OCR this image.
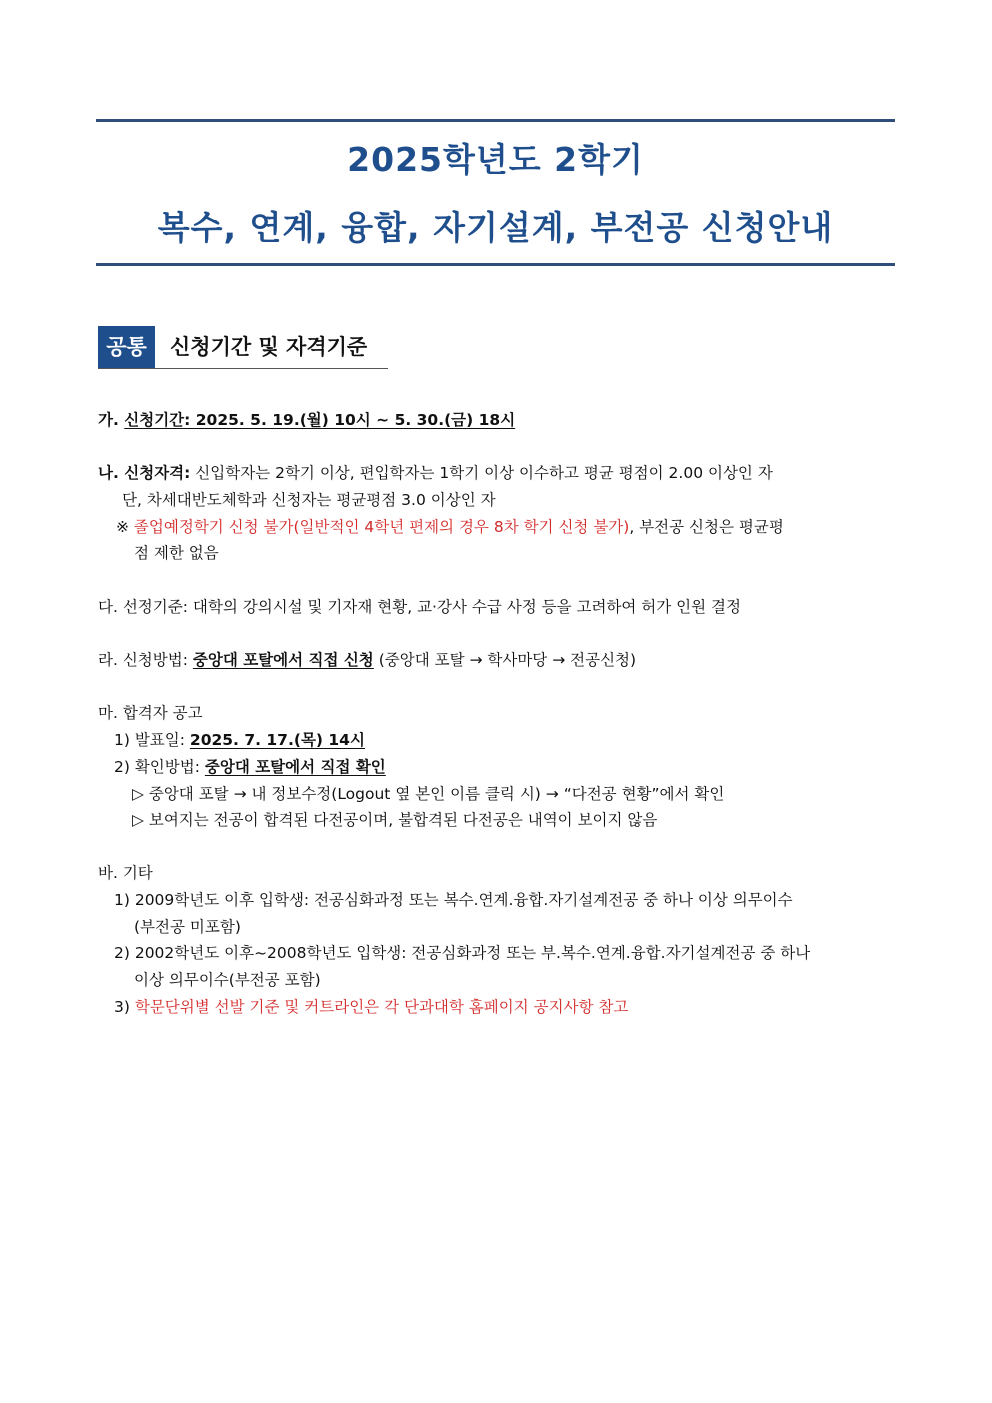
2025학년도 2학기
복수, 연계, 융합, 자기설계, 부전공 신청안내
공통	신청기간 및 자격기준
가. 신청기간: 2025. 5. 19.(월) 10시 ~ 5. 30.(금) 18시
나. 신청자격: 신입학자는 2학기 이상, 편입학자는 1학기 이상 이수하고 평균 평점이 2.00 이상인 자
단, 차세대반도체학과 신청자는 평균평점 3.0 이상인 자
※ 졸업예정학기 신청 불가(일반적인 4학년 편제의 경우 8차 학기 신청 불가), 부전공 신청은 평균평
점 제한 없음
다. 선정기준: 대학의 강의시설 및 기자재 현황, 교·강사 수급 사정 등을 고려하여 허가 인원 결정
라. 신청방법: 중앙대 포탈에서 직접 신청 (중앙대 포탈 → 학사마당 → 전공신청)
마. 합격자 공고
1) 발표일: 2025. 7. 17.(목) 14시
2) 확인방법: 중앙대 포탈에서 직접 확인
▷ 중앙대 포탈 → 내 정보수정(Logout 옆 본인 이름 클릭 시) → “다전공 현황”에서 확인
▷ 보여지는 전공이 합격된 다전공이며, 불합격된 다전공은 내역이 보이지 않음
바. 기타
1) 2009학년도 이후 입학생: 전공심화과정 또는 복수.연계.융합.자기설계전공 중 하나 이상 의무이수
(부전공 미포함)
2) 2002학년도 이후~2008학년도 입학생: 전공심화과정 또는 부.복수.연계.융합.자기설계전공 중 하나
이상 의무이수(부전공 포함)
3) 학문단위별 선발 기준 및 커트라인은 각 단과대학 홈페이지 공지사항 참고
